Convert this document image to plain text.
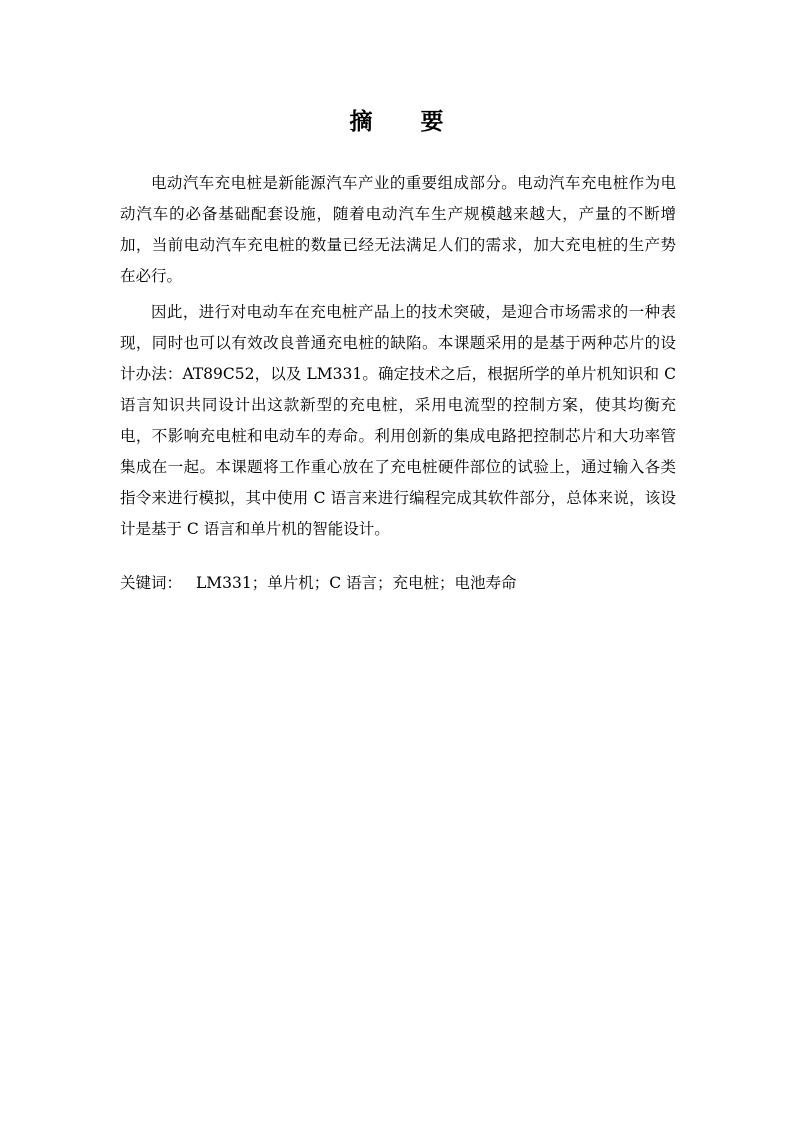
摘要

电动汽车充电桩是新能源汽车产业的重要组成部分。电动汽车充电桩作为电动汽车的必备基础配套设施，随着电动汽车生产规模越来越大，产量的不断增加，当前电动汽车充电桩的数量已经无法满足人们的需求，加大充电桩的生产势在必行。

因此，进行对电动车在充电桩产品上的技术突破，是迎合市场需求的一种表现，同时也可以有效改良普通充电桩的缺陷。本课题采用的是基于两种芯片的设计办法：AT89C52，以及 LM331。确定技术之后，根据所学的单片机知识和 C 语言知识共同设计出这款新型的充电桩，采用电流型的控制方案，使其均衡充电，不影响充电桩和电动车的寿命。利用创新的集成电路把控制芯片和大功率管集成在一起。本课题将工作重心放在了充电桩硬件部位的试验上，通过输入各类指令来进行模拟，其中使用 C 语言来进行编程完成其软件部分，总体来说，该设计是基于 C 语言和单片机的智能设计。

关键词： LM331；单片机；C 语言；充电桩；电池寿命
